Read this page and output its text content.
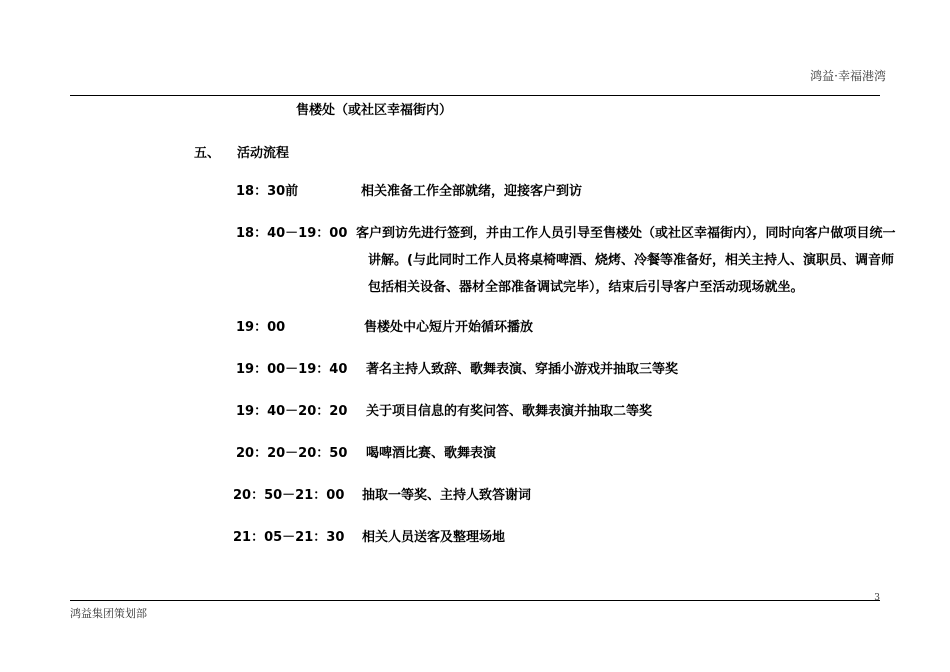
鸿益·幸福港湾
售楼处（或社区幸福街内）
五、 活动流程
18：30前	相关准备工作全部就绪，迎接客户到访
18：40－19：00 客户到访先进行签到，并由工作人员引导至售楼处（或社区幸福街内），同时向客户做项目统一讲解。(与此同时工作人员将桌椅啤酒、烧烤、冷餐等准备好，相关主持人、演职员、调音师包括相关设备、器材全部准备调试完毕），结束后引导客户至活动现场就坐。
19：00	售楼处中心短片开始循环播放
19：00－19：40 著名主持人致辞、歌舞表演、穿插小游戏并抽取三等奖
19：40－20：20 关于项目信息的有奖问答、歌舞表演并抽取二等奖
20：20－20：50 喝啤酒比赛、歌舞表演
20：50－21：00 抽取一等奖、主持人致答谢词
21：05－21：30 相关人员送客及整理场地
3
鸿益集团策划部
